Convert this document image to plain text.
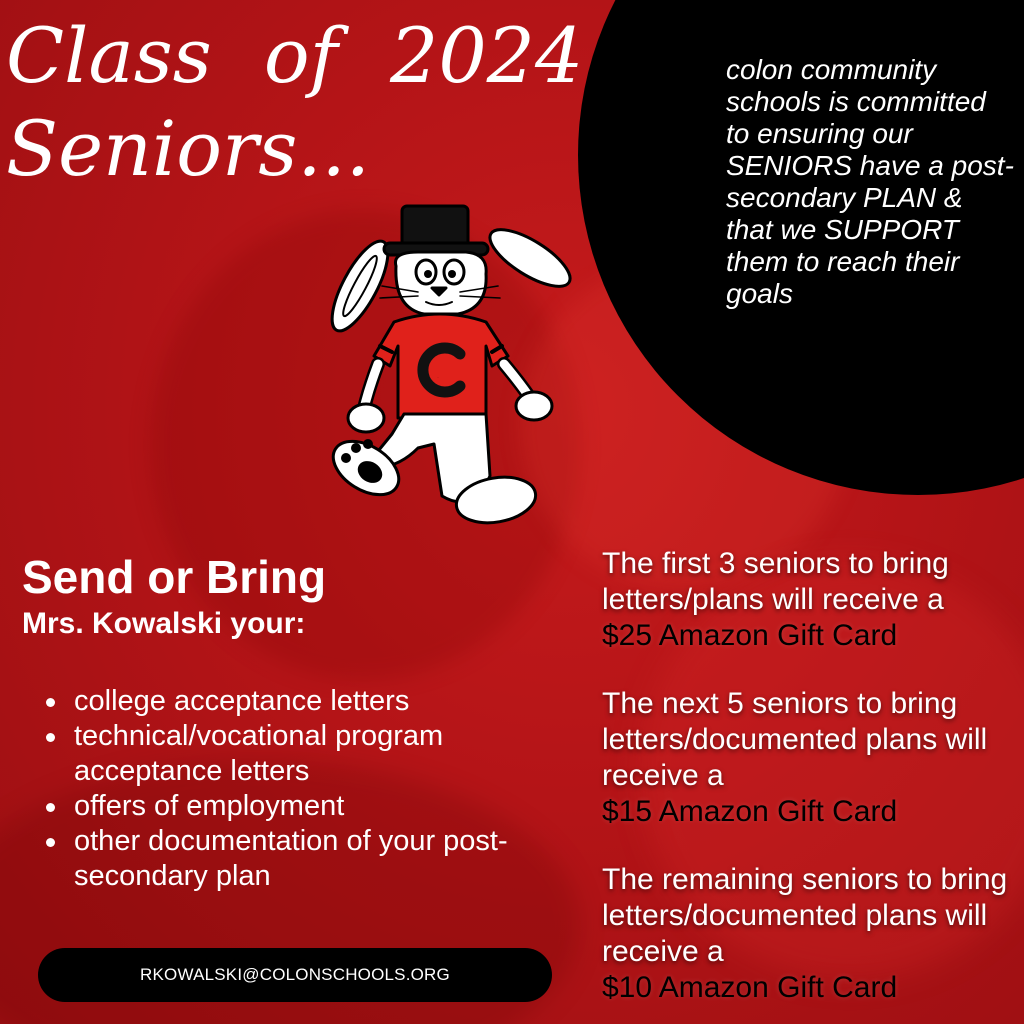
Class of 2024
Seniors...

colon community schools is committed to ensuring our SENIORS have a post-secondary PLAN & that we SUPPORT them to reach their goals

C
Send or Bring
Mrs. Kowalski your:
college acceptance letters
technical/vocational program acceptance letters
offers of employment
other documentation of your post-secondary plan
RKOWALSKI@COLONSCHOOLS.ORG

The first 3 seniors to bring letters/plans will receive a
$25 Amazon Gift Card

The next 5 seniors to bring letters/documented plans will receive a
$15 Amazon Gift Card

The remaining seniors to bring letters/documented plans will receive a
$10 Amazon Gift Card
